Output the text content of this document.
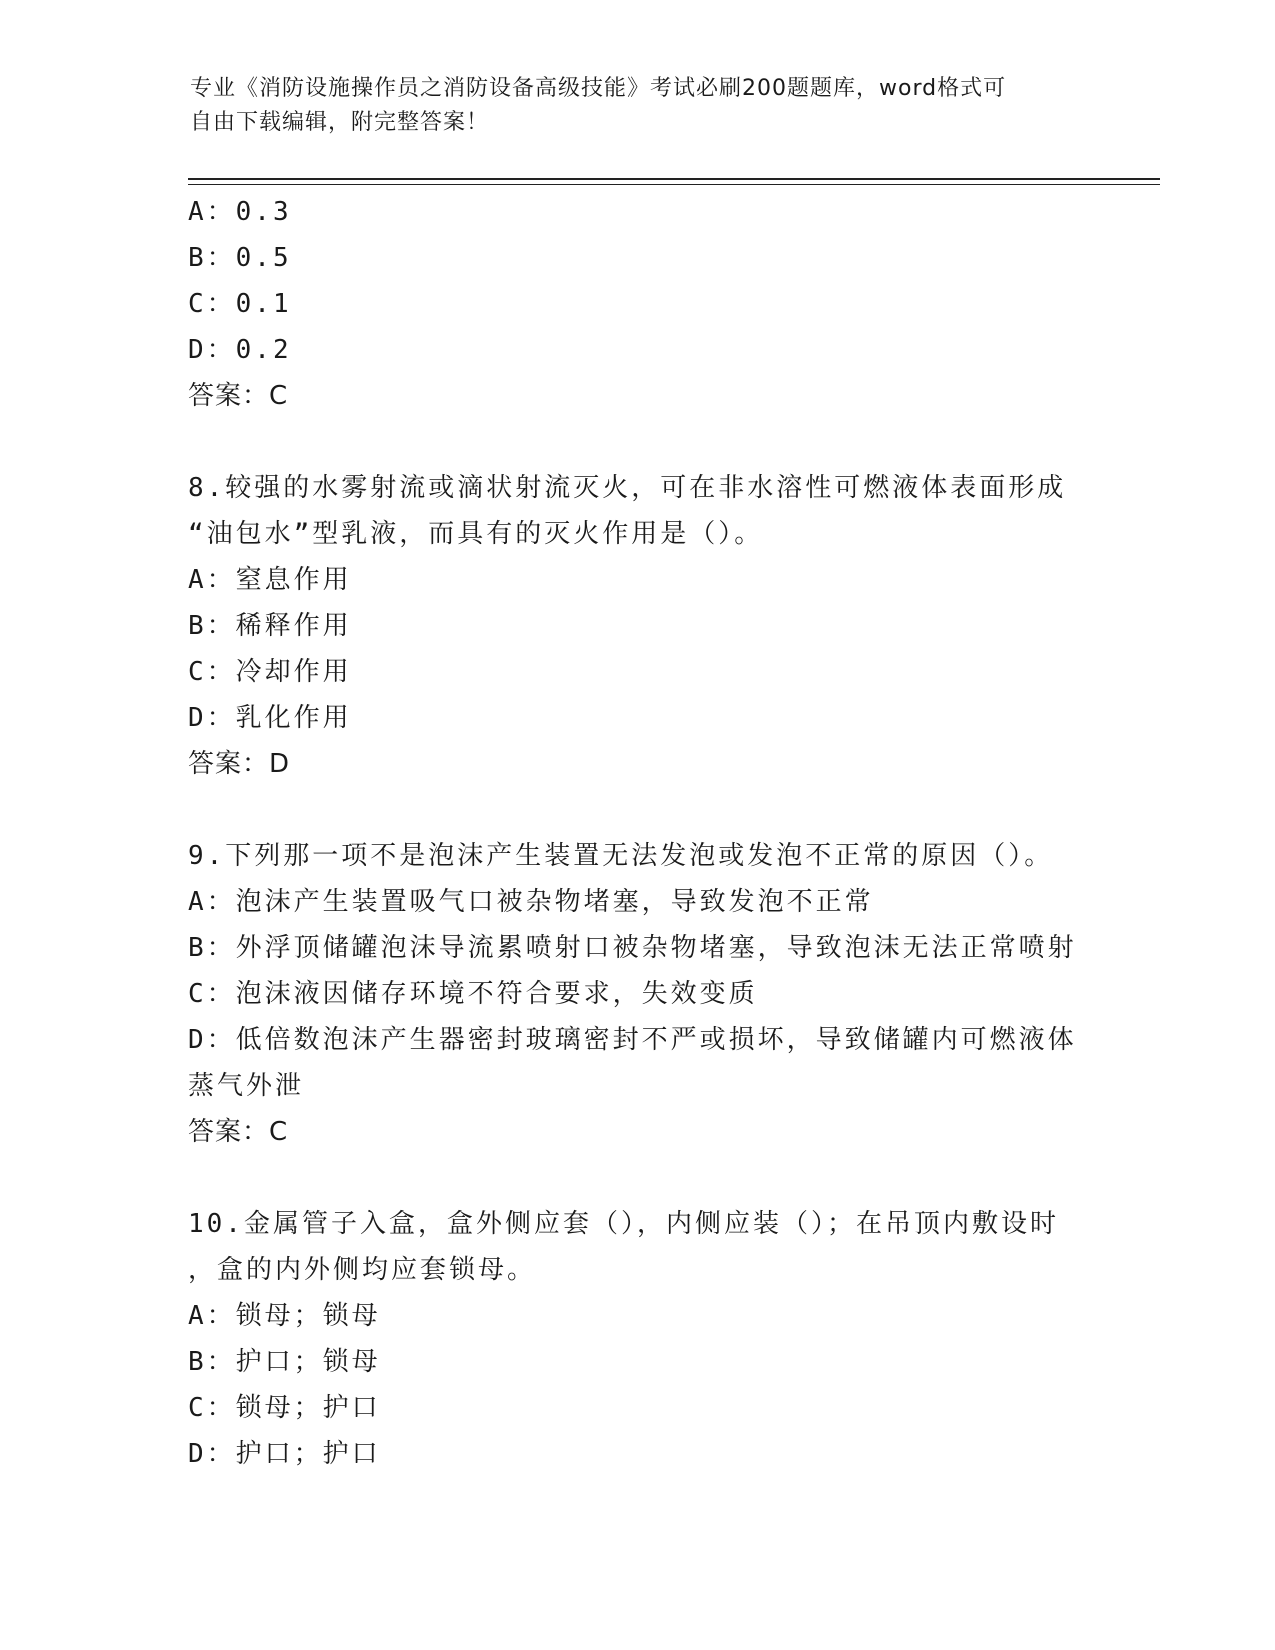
专业《消防设施操作员之消防设备高级技能》考试必刷200题题库，word格式可
自由下载编辑，附完整答案！
A：0.3
B：0.5
C：0.1
D：0.2
答案：C
8.较强的水雾射流或滴状射流灭火，可在非水溶性可燃液体表面形成
“油包水”型乳液，而具有的灭火作用是（）。
A：窒息作用
B：稀释作用
C：冷却作用
D：乳化作用
答案：D
9.下列那一项不是泡沫产生装置无法发泡或发泡不正常的原因（）。
A：泡沫产生装置吸气口被杂物堵塞，导致发泡不正常
B：外浮顶储罐泡沫导流累喷射口被杂物堵塞，导致泡沫无法正常喷射
C：泡沫液因储存环境不符合要求，失效变质
D：低倍数泡沫产生器密封玻璃密封不严或损坏，导致储罐内可燃液体
蒸气外泄
答案：C
10.金属管子入盒，盒外侧应套（），内侧应装（）；在吊顶内敷设时
，盒的内外侧均应套锁母。
A：锁母；锁母
B：护口；锁母
C：锁母；护口
D：护口；护口
